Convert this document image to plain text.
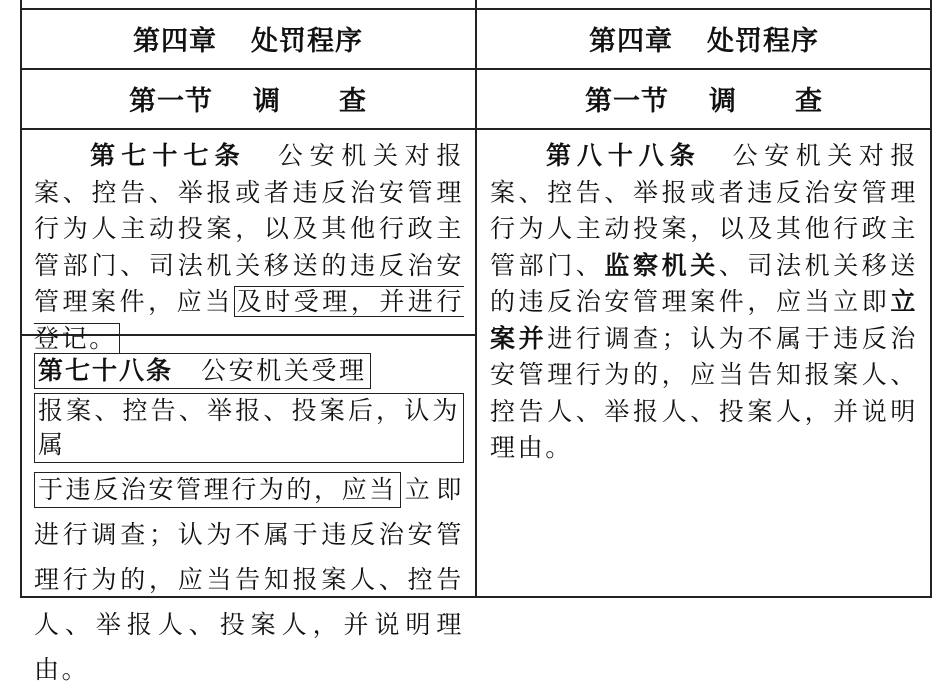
第四章 处罚程序
第一节 调 查
第四章 处罚程序
第一节 调 查
第七十七条 公安机关对报案、控告、举报或者违反治安管理行为人主动投案，以及其他行政主管部门、司法机关移送的违反治安管理案件，应当 及时受理，并进行登记。
第七十八条 公安机关受理
报案、控告、举报、投案后，认为属
于违反治安管理行为的，应当 立即进行调查；认为不属于违反治安管理行为的，应当告知报案人、控告人、举报人、投案人，并说明理由。
第八十八条 公安机关对报案、控告、举报或者违反治安管理行为人主动投案，以及其他行政主管部门、监察机关、司法机关移送的违反治安管理案件，应当立即立案并进行调查；认为不属于违反治安管理行为的，应当告知报案人、控告人、举报人、投案人，并说明理由。
